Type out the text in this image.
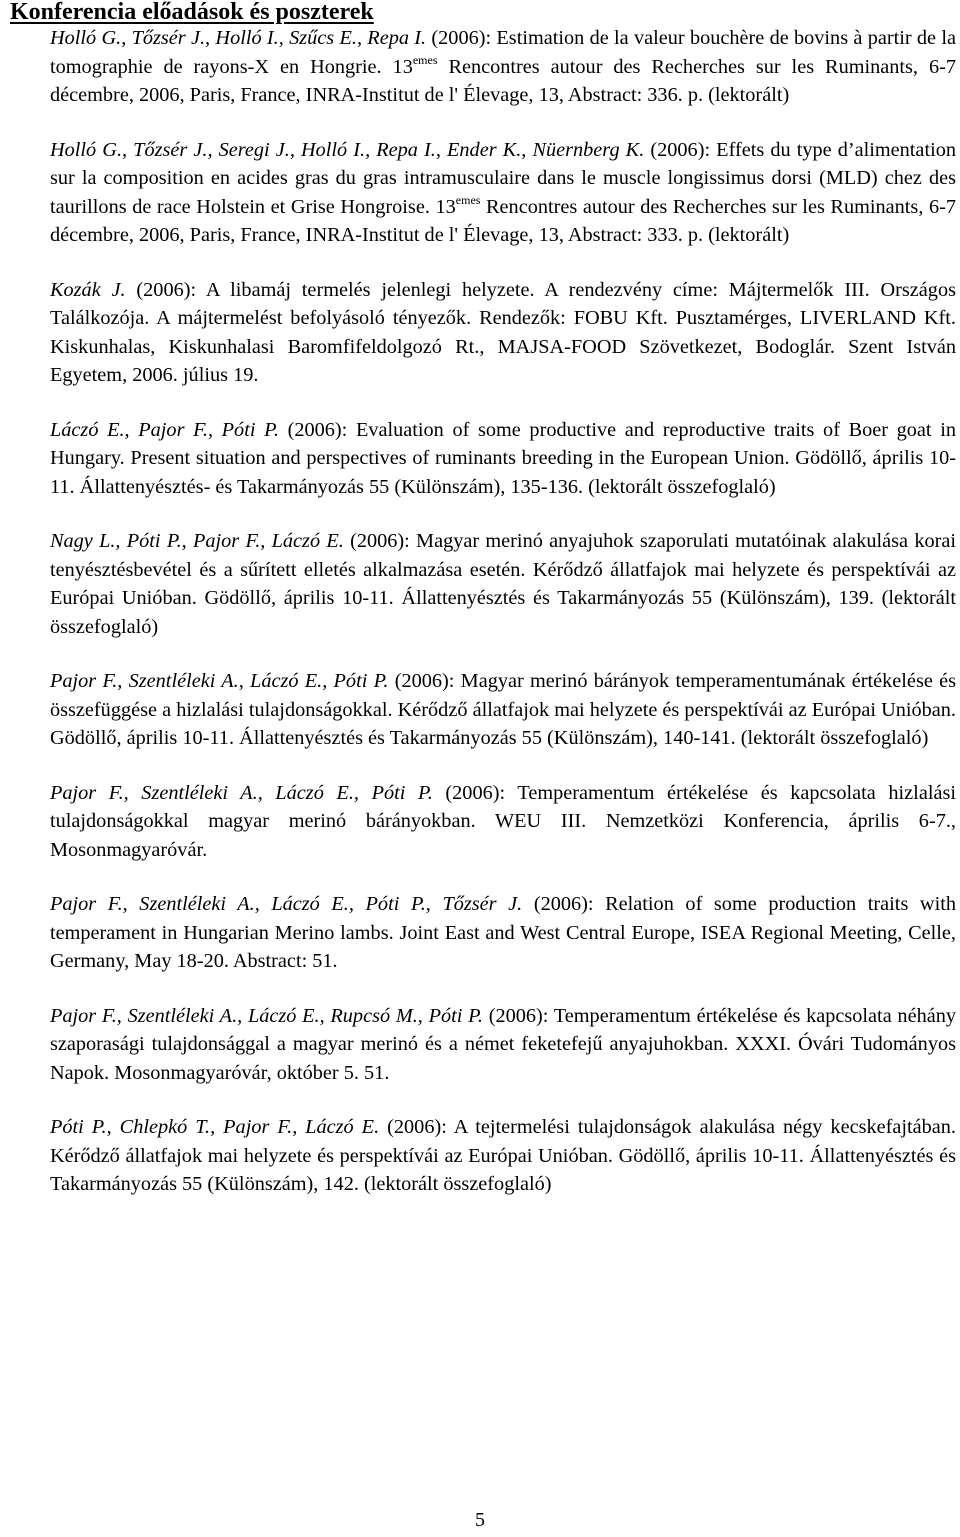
Konferencia előadások és poszterek

Holló G., Tőzsér J., Holló I., Szűcs E., Repa I. (2006): Estimation de la valeur bouchère de bovins à partir de la tomographie de rayons-X en Hongrie. 13emes Rencontres autour des Recherches sur les Ruminants, 6-7 décembre, 2006, Paris, France, INRA-Institut de l' Élevage, 13, Abstract: 336. p. (lektorált)

Holló G., Tőzsér J., Seregi J., Holló I., Repa I., Ender K., Nüernberg K. (2006): Effets du type d’alimentation sur la composition en acides gras du gras intramusculaire dans le muscle longissimus dorsi (MLD) chez des taurillons de race Holstein et Grise Hongroise. 13emes Rencontres autour des Recherches sur les Ruminants, 6-7 décembre, 2006, Paris, France, INRA-Institut de l' Élevage, 13, Abstract: 333. p. (lektorált)

Kozák J. (2006): A libamáj termelés jelenlegi helyzete. A rendezvény címe: Májtermelők III. Országos Találkozója. A májtermelést befolyásoló tényezők. Rendezők: FOBU Kft. Pusztamérges, LIVERLAND Kft. Kiskunhalas, Kiskunhalasi Baromfifeldolgozó Rt., MAJSA-FOOD Szövetkezet, Bodoglár. Szent István Egyetem, 2006. július 19.

Láczó E., Pajor F., Póti P. (2006): Evaluation of some productive and reproductive traits of Boer goat in Hungary. Present situation and perspectives of ruminants breeding in the European Union. Gödöllő, április 10-11. Állattenyésztés- és Takarmányozás 55 (Különszám), 135-136. (lektorált összefoglaló)

Nagy L., Póti P., Pajor F., Láczó E. (2006): Magyar merinó anyajuhok szaporulati mutatóinak alakulása korai tenyésztésbevétel és a sűrített elletés alkalmazása esetén. Kérődző állatfajok mai helyzete és perspektívái az Európai Unióban. Gödöllő, április 10-11. Állattenyésztés és Takarmányozás 55 (Különszám), 139. (lektorált összefoglaló)

Pajor F., Szentléleki A., Láczó E., Póti P. (2006): Magyar merinó bárányok temperamentumának értékelése és összefüggése a hizlalási tulajdonságokkal. Kérődző állatfajok mai helyzete és perspektívái az Európai Unióban. Gödöllő, április 10-11. Állattenyésztés és Takarmányozás 55 (Különszám), 140-141. (lektorált összefoglaló)

Pajor F., Szentléleki A., Láczó E., Póti P. (2006): Temperamentum értékelése és kapcsolata hizlalási tulajdonságokkal magyar merinó bárányokban. WEU III. Nemzetközi Konferencia, április 6-7., Mosonmagyaróvár.

Pajor F., Szentléleki A., Láczó E., Póti P., Tőzsér J. (2006): Relation of some production traits with temperament in Hungarian Merino lambs. Joint East and West Central Europe, ISEA Regional Meeting, Celle, Germany, May 18-20. Abstract: 51.

Pajor F., Szentléleki A., Láczó E., Rupcsó M., Póti P. (2006): Temperamentum értékelése és kapcsolata néhány szaporasági tulajdonsággal a magyar merinó és a német feketefejű anyajuhokban. XXXI. Óvári Tudományos Napok. Mosonmagyaróvár, október 5. 51.

Póti P., Chlepkó T., Pajor F., Láczó E. (2006): A tejtermelési tulajdonságok alakulása négy kecskefajtában. Kérődző állatfajok mai helyzete és perspektívái az Európai Unióban. Gödöllő, április 10-11. Állattenyésztés és Takarmányozás 55 (Különszám), 142. (lektorált összefoglaló)

5
